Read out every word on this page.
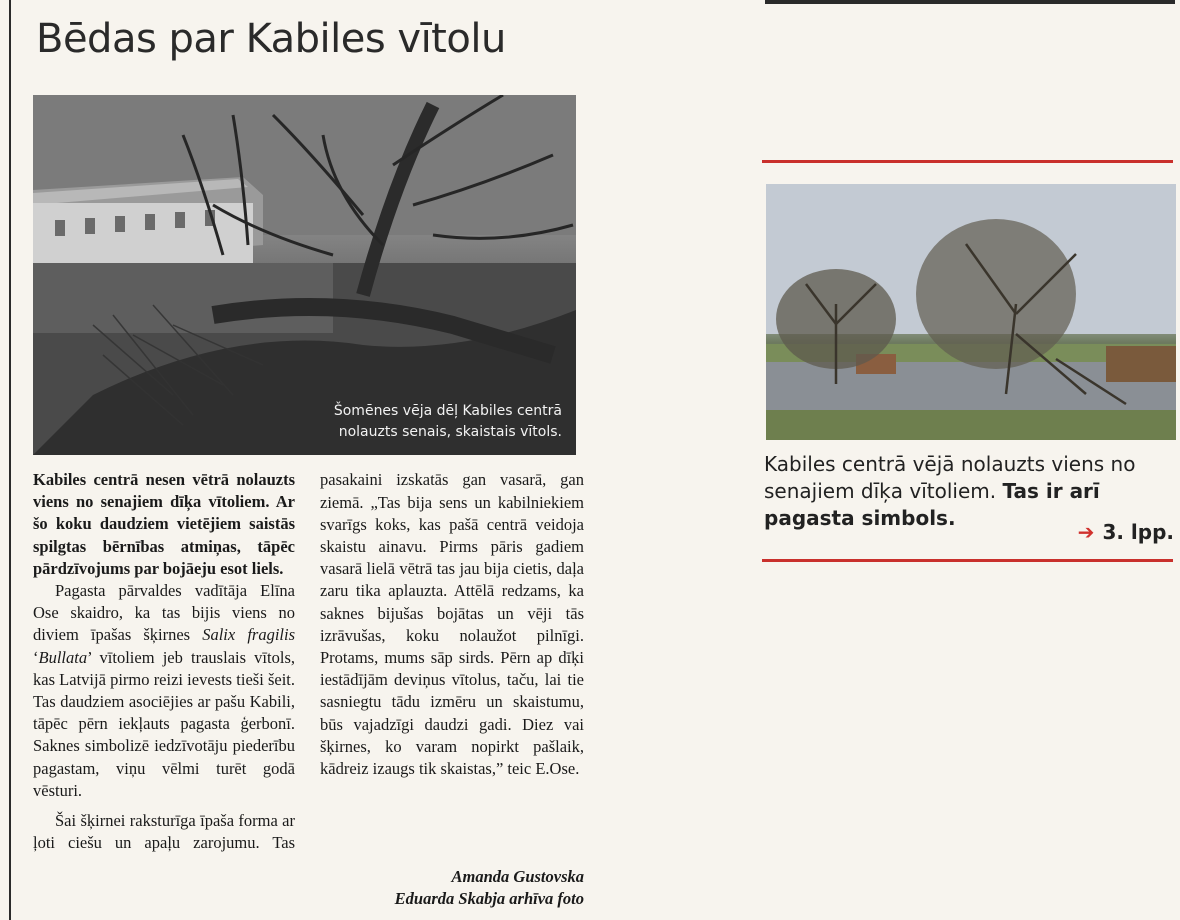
Bēdas par Kabiles vītolu
Šomēnes vēja dēļ Kabiles centrā
nolauzts senais, skaistais vītols.

Kabiles centrā nesen vētrā nolauzts viens no senajiem dīķa vītoliem. Ar šo koku daudziem vietējiem saistās spilgtas bērnības atmiņas, tāpēc pārdzīvojums par bojāeju esot liels.

Pagasta pārvaldes vadītāja Elīna Ose skaidro, ka tas bijis viens no diviem īpašas šķirnes Salix fragilis ‘Bullata’ vītoliem jeb trauslais vītols, kas Latvijā pirmo reizi ievests tieši šeit. Tas daudziem asociējies ar pašu Kabili, tāpēc pērn iekļauts pagasta ģerbonī. Saknes simbolizē iedzīvotāju piederību pagastam, viņu vēlmi turēt godā vēsturi.

Šai šķirnei raksturīga īpaša forma ar ļoti ciešu un apaļu zarojumu. Tas

pasakaini izskatās gan vasarā, gan ziemā. „Tas bija sens un kabilniekiem svarīgs koks, kas pašā centrā veidoja skaistu ainavu. Pirms pāris gadiem vasarā lielā vētrā tas jau bija cietis, daļa zaru tika aplauzta. Attēlā redzams, ka saknes bijušas bojātas un vēji tās izrāvušas, koku nolaužot pilnīgi. Protams, mums sāp sirds. Pērn ap dīķi iestādījām deviņus vītolus, taču, lai tie sasniegtu tādu izmēru un skaistumu, būs vajadzīgi daudzi gadi. Diez vai šķirnes, ko varam nopirkt pašlaik, kādreiz izaugs tik skaistas,” teic E.Ose.

Amanda Gustovska

Eduarda Skabja arhīva foto

Kabiles centrā vējā nolauzts viens no senajiem dīķa vītoliem. Tas ir arī pagasta simbols.
➔ 3. lpp.
